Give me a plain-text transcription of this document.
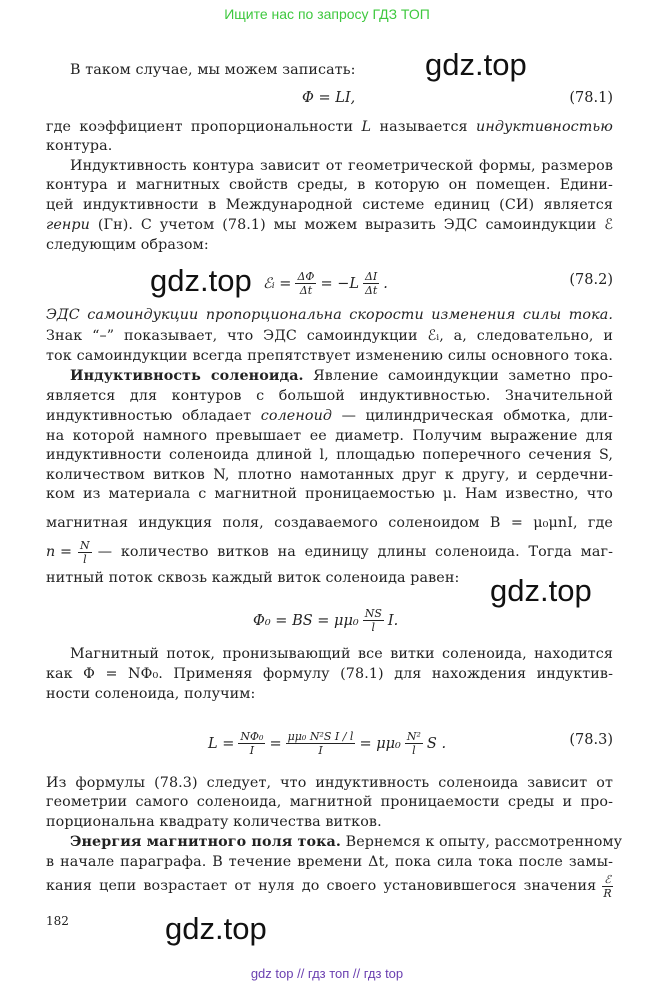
Ищите нас по запросу ГДЗ ТОП
В таком случае, мы можем записать:	gdz.top
Φ = LI,	(78.1)
где коэффициент пропорциональности L называется индуктивностью
контура.
Индуктивность контура зависит от геометрической формы, размеров
контура и магнитных свойств среды, в которую он помещен. Едини-
цей индуктивности в Международной системе единиц (СИ) является
генри (Гн). С учетом (78.1) мы можем выразить ЭДС самоиндукции ℰ
следующим образом:
gdz.top ℰᵢ = $\frac{\Delta\Phi}{\Delta t} = -L \frac{\Delta I}{\Delta t}$ .	(78.2)
ЭДС самоиндукции пропорциональна скорости изменения силы тока.
Знак “–” показывает, что ЭДС самоиндукции ℰᵢ, а, следовательно, и
ток самоиндукции всегда препятствует изменению силы основного тока.
Индуктивность соленоида. Явление самоиндукции заметно про-
является для контуров с большой индуктивностью. Значительной
индуктивностью обладает соленоид — цилиндрическая обмотка, дли-
на которой намного превышает ее диаметр. Получим выражение для
индуктивности соленоида длиной l, площадью поперечного сечения S,
количеством витков N, плотно намотанных друг к другу, и сердечни-
ком из материала с магнитной проницаемостью μ. Нам известно, что
магнитная индукция поля, создаваемого соленоидом B = μ₀μnI, где
$n = \frac{N}{l}$ — количество витков на единицу длины соленоида. Тогда маг-
нитный поток сквозь каждый виток соленоида равен: gdz.top
Φ₀ = BS = $\mu\mu_0 \frac{NS}{l} I$.
Магнитный поток, пронизывающий все витки соленоида, находится
как Φ = NΦ₀. Применяя формулу (78.1) для нахождения индуктив-
ности соленоида, получим:
$L = \frac{\text{NΦ₀}}{I} = \frac{\text{μμ₀ N²S I / l}}{I} = \mu\mu_0 \frac{\text{N²}}{l}$ S .	(78.3)
Из формулы (78.3) следует, что индуктивность соленоида зависит от
геометрии самого соленоида, магнитной проницаемости среды и про-
порциональна квадрату количества витков.
Энергия магнитного поля тока. Вернемся к опыту, рассмотренному
в начале параграфа. В течение времени Δt, пока сила тока после замы-
кания цепи возрастает от нуля до своего установившегося значения ℰ
R
182	gdz.top
gdz top // гдз топ // гдз top
